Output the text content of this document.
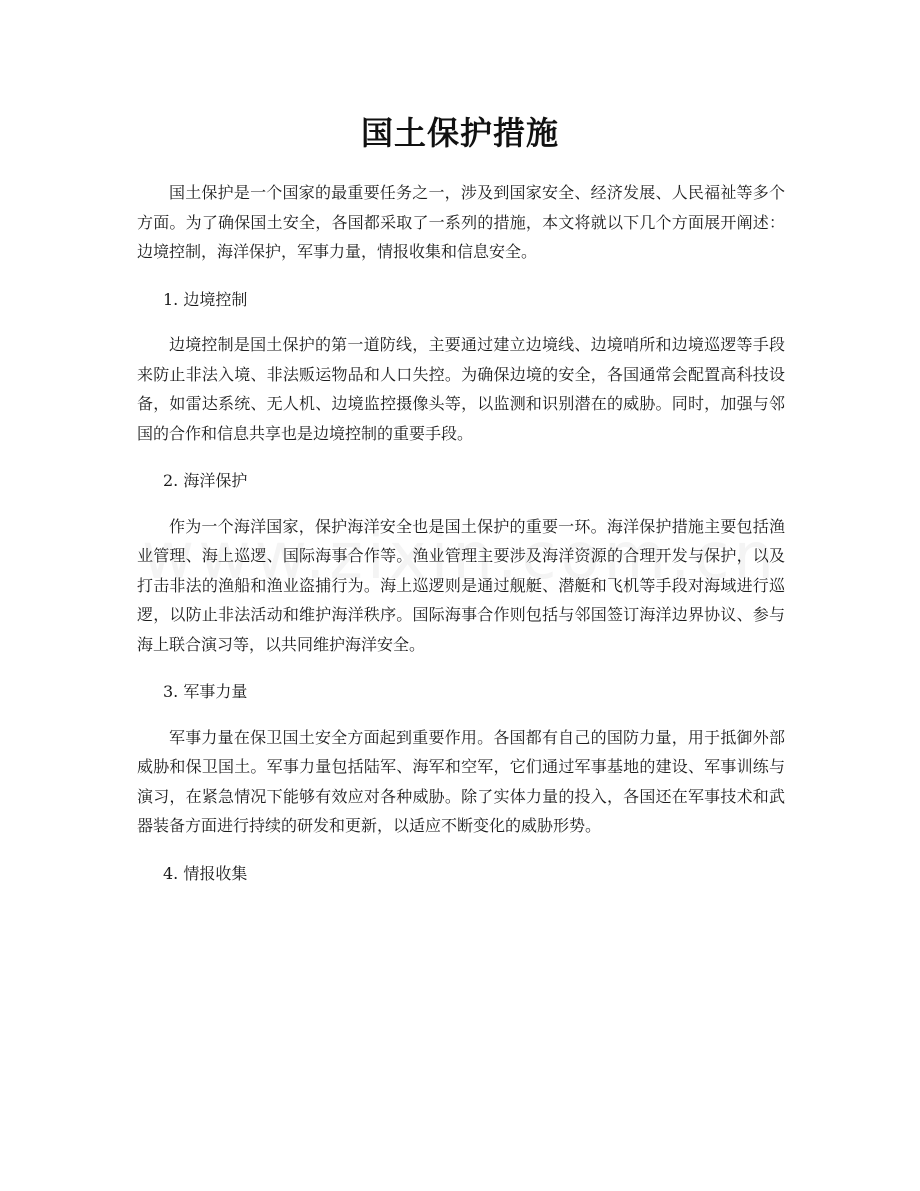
国土保护措施

国土保护是一个国家的最重要任务之一，涉及到国家安全、经济发展、人民福祉等多个方面。为了确保国土安全，各国都采取了一系列的措施，本文将就以下几个方面展开阐述：边境控制，海洋保护，军事力量，情报收集和信息安全。

1. 边境控制

边境控制是国土保护的第一道防线，主要通过建立边境线、边境哨所和边境巡逻等手段来防止非法入境、非法贩运物品和人口失控。为确保边境的安全，各国通常会配置高科技设备，如雷达系统、无人机、边境监控摄像头等，以监测和识别潜在的威胁。同时，加强与邻国的合作和信息共享也是边境控制的重要手段。

2. 海洋保护

作为一个海洋国家，保护海洋安全也是国土保护的重要一环。海洋保护措施主要包括渔业管理、海上巡逻、国际海事合作等。渔业管理主要涉及海洋资源的合理开发与保护，以及打击非法的渔船和渔业盗捕行为。海上巡逻则是通过舰艇、潜艇和飞机等手段对海域进行巡逻，以防止非法活动和维护海洋秩序。国际海事合作则包括与邻国签订海洋边界协议、参与海上联合演习等，以共同维护海洋安全。

3. 军事力量

军事力量在保卫国土安全方面起到重要作用。各国都有自己的国防力量，用于抵御外部威胁和保卫国土。军事力量包括陆军、海军和空军，它们通过军事基地的建设、军事训练与演习，在紧急情况下能够有效应对各种威胁。除了实体力量的投入，各国还在军事技术和武器装备方面进行持续的研发和更新，以适应不断变化的威胁形势。

4. 情报收集
